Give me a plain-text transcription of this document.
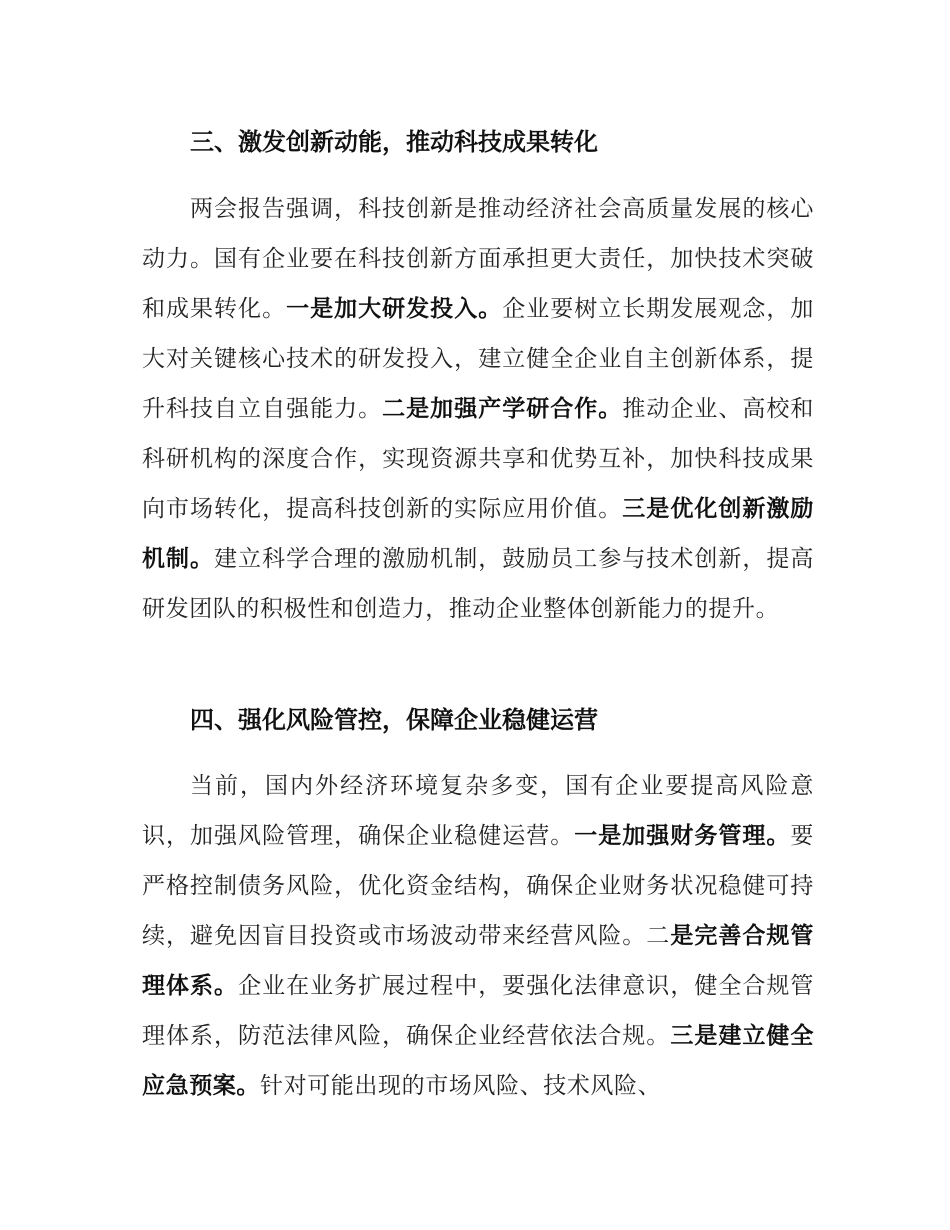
三、激发创新动能，推动科技成果转化

两会报告强调，科技创新是推动经济社会高质量发展的核心动力。国有企业要在科技创新方面承担更大责任，加快技术突破和成果转化。一是加大研发投入。企业要树立长期发展观念，加大对关键核心技术的研发投入，建立健全企业自主创新体系，提升科技自立自强能力。二是加强产学研合作。推动企业、高校和科研机构的深度合作，实现资源共享和优势互补，加快科技成果向市场转化，提高科技创新的实际应用价值。三是优化创新激励机制。建立科学合理的激励机制，鼓励员工参与技术创新，提高研发团队的积极性和创造力，推动企业整体创新能力的提升。

四、强化风险管控，保障企业稳健运营

当前，国内外经济环境复杂多变，国有企业要提高风险意识，加强风险管理，确保企业稳健运营。一是加强财务管理。要严格控制债务风险，优化资金结构，确保企业财务状况稳健可持续，避免因盲目投资或市场波动带来经营风险。二是完善合规管理体系。企业在业务扩展过程中，要强化法律意识，健全合规管理体系，防范法律风险，确保企业经营依法合规。三是建立健全应急预案。针对可能出现的市场风险、技术风险、
